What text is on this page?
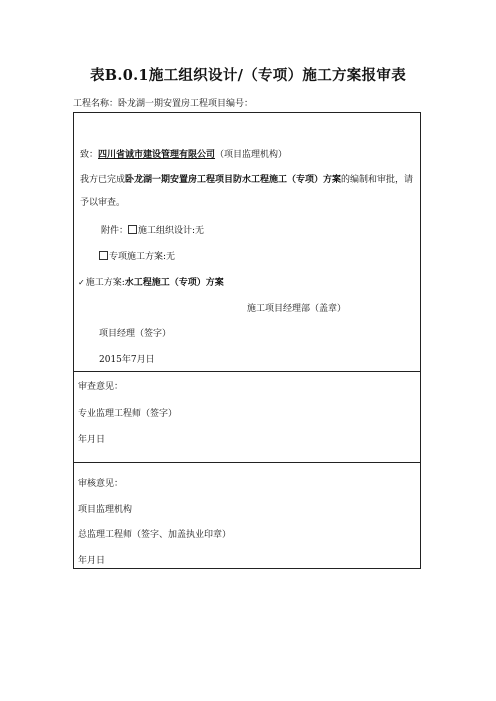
表B.0.1施工组织设计/（专项）施工方案报审表
工程名称：卧龙湖一期安置房工程项目编号：
致：四川省诚市建设管理有限公司（项目监理机构）
我方已完成卧龙湖一期安置房工程项目防水工程施工（专项）方案的编制和审批，请
予以审查。
附件： 施工组织设计:无
专项施工方案:无
✓施工方案:水工程施工（专项）方案
施工项目经理部（盖章）
项目经理（签字）
2015年7月日
审查意见：
专业监理工程师（签字）
年月日
审核意见：
项目监理机构
总监理工程师（签字、加盖执业印章）
年月日
